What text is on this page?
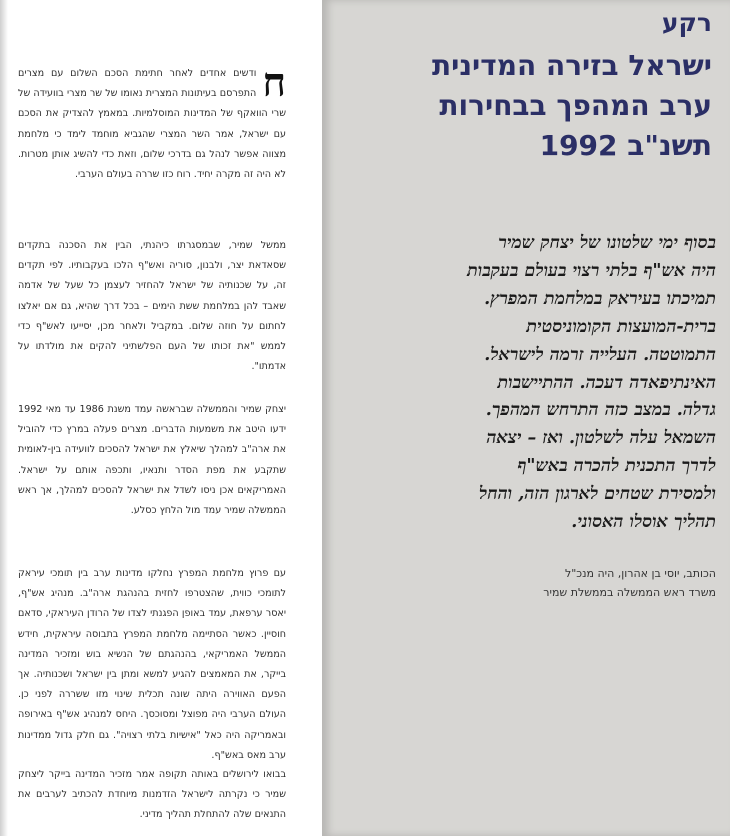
ח
ודשים אחדים לאחר חתימת הסכם השלום עם מצרים התפרסם בעיתונות המצרית נאומו של שר מצרי בוועידה של שרי הוואקף של המדינות המוסלמיות. במאמץ להצדיק את הסכם עם ישראל, אמר השר המצרי שהגביא מוחמד לימד כי מלחמת מצווה אפשר לנהל גם בדרכי שלום, וזאת כדי להשיג אותן מטרות. לא היה זה מקרה יחיד. רוח כזו שררה בעולם הערבי.

ממשל שמיר, שבמסגרתו כיהנתי, הבין את הסכנה בתקדים שסאדאת יצר, ולבנון, סוריה ואש"ף הלכו בעקבותיו. לפי תקדים זה, על שכנותיה של ישראל להחזיר לעצמן כל שעל של אדמה שאבד להן במלחמת ששת הימים – בכל דרך שהיא, גם אם יאלצו לחתום על חוזה שלום. במקביל ולאחר מכן, יסייעו לאש"ף כדי לממש "את זכותו של העם הפלשתיני להקים את מולדתו על אדמתו".

יצחק שמיר והממשלה שבראשה עמד משנת 1986 עד מאי 1992 ידעו היטב את משמעות הדברים. מצרים פעלה במרץ כדי להוביל את ארה"ב למהלך שיאלץ את ישראל להסכים לוועידה בין-לאומית שתקבע את מפת הסדר ותנאיו, ותכפה אותם על ישראל. האמריקאים אכן ניסו לשדל את ישראל להסכים למהלך, אך ראש הממשלה שמיר עמד מול הלחץ כסלע.

עם פרוץ מלחמת המפרץ נחלקו מדינות ערב בין תומכי עיראק לתומכי כווית, שהצטרפו לחזית בהנהגת ארה"ב. מנהיג אש"ף, יאסר ערפאת, עמד באופן הפגנתי לצדו של הרודן העיראקי, סדאם חוסיין. כאשר הסתיימה מלחמת המפרץ בתבוסה עיראקית, חידש הממשל האמריקאי, בהנהגתם של הנשיא בוש ומזכיר המדינה בייקר, את המאמצים להגיע למשא ומתן בין ישראל ושכנותיה. אך הפעם האווירה היתה שונה תכלית שינוי מזו ששררה לפני כן. העולם הערבי היה מפוצל ומסוכסך. היחס למנהיג אש"ף באירופה ובאמריקה היה כאל "אישיות בלתי רצויה". גם חלק גדול ממדינות ערב מאס באש"ף.

בבואו לירושלים באותה תקופה אמר מזכיר המדינה בייקר ליצחק שמיר כי נקרתה לישראל הזדמנות מיוחדת להכתיב לערבים את התנאים שלה להתחלת תהליך מדיני.

רקע

ישראל בזירה המדינית
ערב המהפך בבחירות
תשנ"ב 1992
בסוף ימי שלטונו של יצחק שמיר
היה אש"ף בלתי רצוי בעולם בעקבות
תמיכתו בעיראק במלחמת המפרץ.
ברית-המועצות הקומוניסטית
התמוטטה. העלייה זרמה לישראל.
האינתיפאדה דעכה. ההתיישבות
גדלה. במצב כזה התרחש המהפך.
השמאל עלה לשלטון. ואז – יצאה
לדרך התכנית להכרה באש"ף
ולמסירת שטחים לארגון הזה, והחל
תהליך אוסלו האסוני.

הכותב, יוסי בן אהרון, היה מנכ"ל
משרד ראש הממשלה בממשלת שמיר
